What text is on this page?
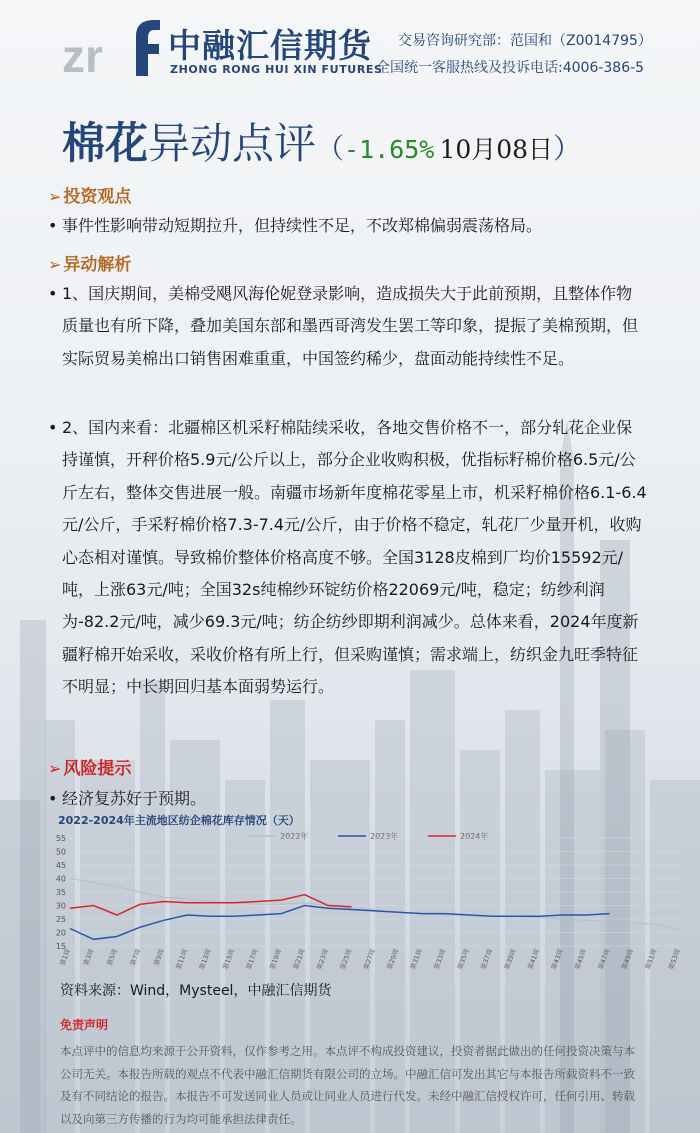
zr 中融汇信期货
ZHONG RONG HUI XIN FUTURES
交易咨询研究部：范国和（Z0014795）
全国统一客服热线及投诉电话:4006-386-5
棉花异动点评（-1.65% 10月08日）
➢ 投资观点
• 事件性影响带动短期拉升，但持续性不足，不改郑棉偏弱震荡格局。
➢ 异动解析
• 1、国庆期间，美棉受飓风海伦妮登录影响，造成损失大于此前预期，且整体作物质量也有所下降，叠加美国东部和墨西哥湾发生罢工等印象，提振了美棉预期，但实际贸易美棉出口销售困难重重，中国签约稀少，盘面动能持续性不足。
• 2、国内来看：北疆棉区机采籽棉陆续采收，各地交售价格不一，部分轧花企业保持谨慎，开秤价格5.9元/公斤以上，部分企业收购积极，优指标籽棉价格6.5元/公斤左右，整体交售进展一般。南疆市场新年度棉花零星上市，机采籽棉价格6.1-6.4元/公斤，手采籽棉价格7.3-7.4元/公斤，由于价格不稳定，轧花厂少量开机，收购心态相对谨慎。导致棉价整体价格高度不够。全国3128皮棉到厂均价15592元/吨，上涨63元/吨；全国32s纯棉纱环锭纺价格22069元/吨，稳定；纺纱利润为-82.2元/吨，减少69.3元/吨；纺企纺纱即期利润减少。总体来看，2024年度新疆籽棉开始采收，采收价格有所上行，但采购谨慎；需求端上，纺织金九旺季特征不明显；中长期回归基本面弱势运行。
➢ 风险提示
• 经济复苏好于预期。
2022-2024年主流地区纺企棉花库存情况（天）
2022年	2023年	2024年
15
20
25
30
35
40
45
50
55
第1周 第3周 第5周 第7周 第9周 第11周 第13周 第15周 第17周 第19周 第21周 第23周 第25周 第27周 第29周 第31周 第33周 第35周 第37周 第39周 第41周 第43周 第45周 第47周 第49周 第51周 第53周
资料来源：Wind，Mysteel，中融汇信期货
免责声明
本点评中的信息均来源于公开资料，仅作参考之用。本点评不构成投资建议，投资者据此做出的任何投资决策与本公司无关。本报告所载的观点不代表中融汇信期货有限公司的立场。中融汇信可发出其它与本报告所载资料不一致及有不同结论的报告。本报告不可发送同业人员或让同业人员进行代发。未经中融汇信授权许可，任何引用、转载以及向第三方传播的行为均可能承担法律责任。
